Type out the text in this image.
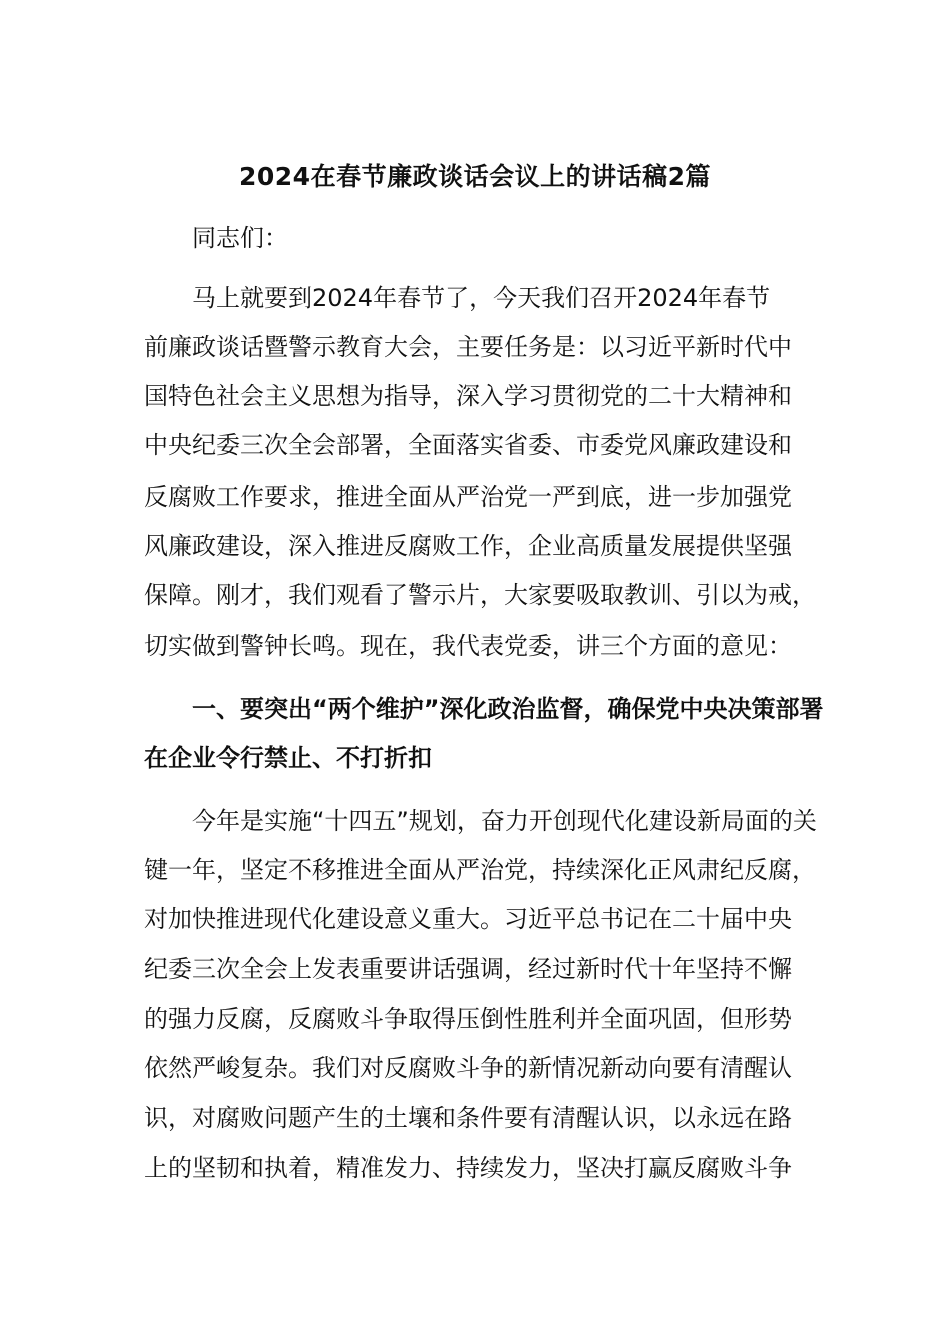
2024在春节廉政谈话会议上的讲话稿2篇

同志们：

马上就要到2024年春节了，今天我们召开2024年春节

前廉政谈话暨警示教育大会，主要任务是：以习近平新时代中

国特色社会主义思想为指导，深入学习贯彻党的二十大精神和

中央纪委三次全会部署，全面落实省委、市委党风廉政建设和

反腐败工作要求，推进全面从严治党一严到底，进一步加强党

风廉政建设，深入推进反腐败工作，企业高质量发展提供坚强

保障。刚才，我们观看了警示片，大家要吸取教训、引以为戒，

切实做到警钟长鸣。现在，我代表党委，讲三个方面的意见：

一、要突出“两个维护”深化政治监督，确保党中央决策部署

在企业令行禁止、不打折扣

今年是实施“十四五”规划，奋力开创现代化建设新局面的关

键一年，坚定不移推进全面从严治党，持续深化正风肃纪反腐，

对加快推进现代化建设意义重大。习近平总书记在二十届中央

纪委三次全会上发表重要讲话强调，经过新时代十年坚持不懈

的强力反腐，反腐败斗争取得压倒性胜利并全面巩固，但形势

依然严峻复杂。我们对反腐败斗争的新情况新动向要有清醒认

识，对腐败问题产生的土壤和条件要有清醒认识，以永远在路

上的坚韧和执着，精准发力、持续发力，坚决打赢反腐败斗争
